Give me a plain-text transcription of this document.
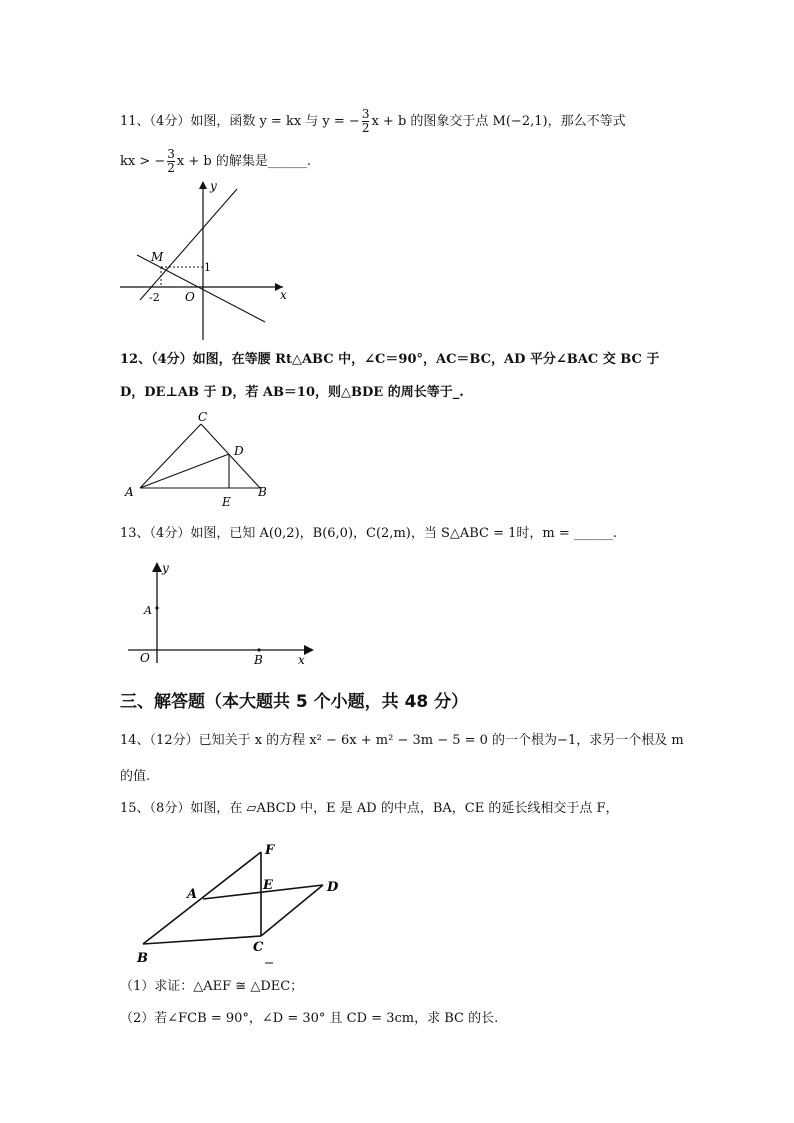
11、（4分）如图，函数 y = kx 与 y = − $\frac{3}{2}$ x + b 的图象交于点 M(−2,1)，那么不等式
kx > − $\frac{3}{2}$ x + b 的解集是______.
y
x
M
O
-2
1
12、（4分）如图，在等腰 Rt△ABC 中，∠C＝90°，AC＝BC，AD 平分∠BAC 交 BC 于
D，DE⊥AB 于 D，若 AB＝10，则△BDE 的周长等于_.
C
D
A	B
E
13、（4分）如图，已知 A(0,2)，B(6,0)，C(2,m)，当 S△ABC = 1时，m = ______.
y
x
A
O	B
三、解答题（本大题共 5 个小题，共 48 分）
14、（12分）已知关于 x 的方程 x² − 6x + m² − 3m − 5 = 0 的一个根为−1，求另一个根及 m
的值.
15、（8分）如图，在 ▱ABCD 中，E 是 AD 的中点，BA，CE 的延长线相交于点 F，
F
A
E	D
B
C
（1）求证：△AEF ≅ △DEC；
（2）若∠FCB = 90°，∠D = 30° 且 CD = 3cm，求 BC 的长.
